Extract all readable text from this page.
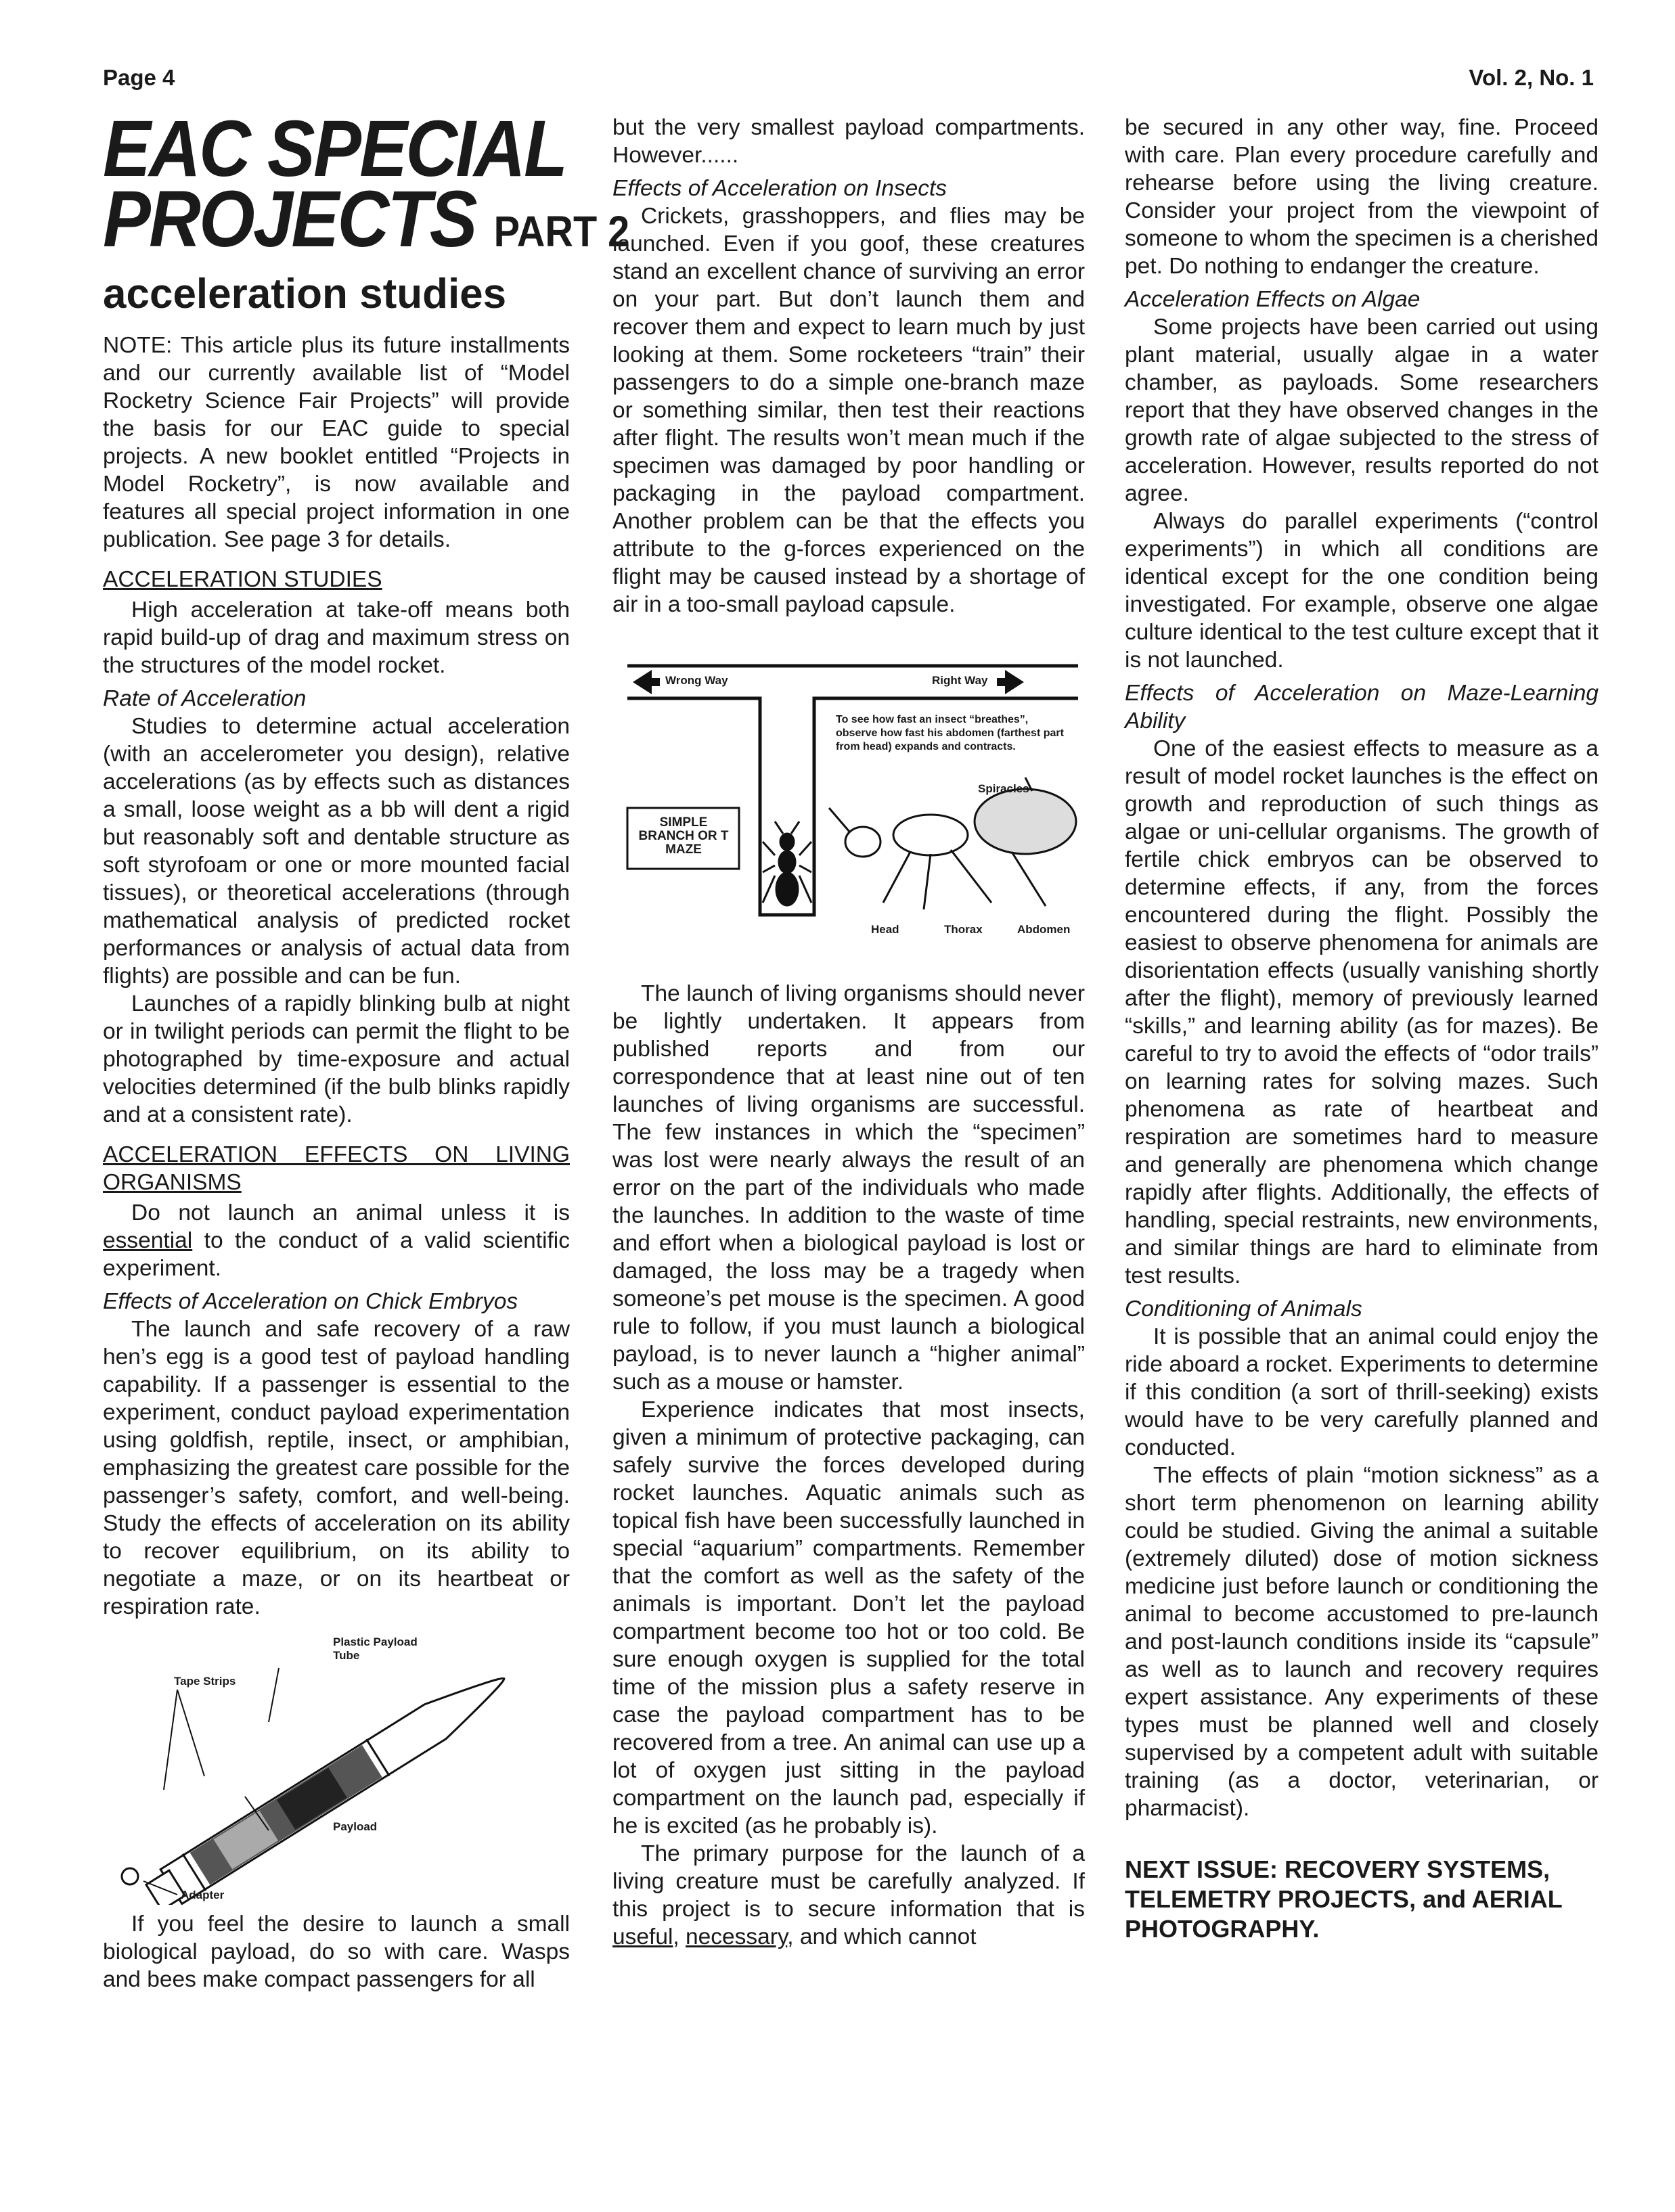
Page 4	Vol. 2, No. 1
EAC SPECIAL
PROJECTS PART 2
acceleration studies

NOTE: This article plus its future installments and our currently available list of “Model Rocketry Science Fair Projects” will provide the basis for our EAC guide to special projects. A new booklet entitled “Projects in Model Rocketry”, is now available and features all special project information in one publication. See page 3 for details.

ACCELERATION STUDIES

High acceleration at take-off means both rapid build-up of drag and maximum stress on the structures of the model rocket.

Rate of Acceleration

Studies to determine actual acceleration (with an accelerometer you design), relative accelerations (as by effects such as distances a small, loose weight as a bb will dent a rigid but reasonably soft and dentable structure as soft styrofoam or one or more mounted facial tissues), or theoretical accelerations (through mathematical analysis of predicted rocket performances or analysis of actual data from flights) are possible and can be fun.

Launches of a rapidly blinking bulb at night or in twilight periods can permit the flight to be photographed by time-exposure and actual velocities determined (if the bulb blinks rapidly and at a consistent rate).

ACCELERATION EFFECTS ON LIVING ORGANISMS

Do not launch an animal unless it is essential to the conduct of a valid scientific experiment.

Effects of Acceleration on Chick Embryos

The launch and safe recovery of a raw hen’s egg is a good test of payload handling capability. If a passenger is essential to the experiment, conduct payload experimentation using goldfish, reptile, insect, or amphibian, emphasizing the greatest care possible for the passenger’s safety, comfort, and well-being. Study the effects of acceleration on its ability to recover equilibrium, on its ability to negotiate a maze, or on its heartbeat or respiration rate.

Plastic Payload Tube
Tape Strips
Payload
Adapter

If you feel the desire to launch a small biological payload, do so with care. Wasps and bees make compact passengers for all

but the very smallest payload compartments. However......

Effects of Acceleration on Insects

Crickets, grasshoppers, and flies may be launched. Even if you goof, these creatures stand an excellent chance of surviving an error on your part. But don’t launch them and recover them and expect to learn much by just looking at them. Some rocketeers “train” their passengers to do a simple one-branch maze or something similar, then test their reactions after flight. The results won’t mean much if the specimen was damaged by poor handling or packaging in the payload compartment. Another problem can be that the effects you attribute to the g-forces experienced on the flight may be caused instead by a shortage of air in a too-small payload capsule.

Wrong Way	Right Way
To see how fast an insect “breathes”, observe how fast his abdomen (farthest part from head) expands and contracts.
Spiracles
SIMPLE BRANCH OR T MAZE
Head	Thorax	Abdomen

The launch of living organisms should never be lightly undertaken. It appears from published reports and from our correspondence that at least nine out of ten launches of living organisms are successful. The few instances in which the “specimen” was lost were nearly always the result of an error on the part of the individuals who made the launches. In addition to the waste of time and effort when a biological payload is lost or damaged, the loss may be a tragedy when someone’s pet mouse is the specimen. A good rule to follow, if you must launch a biological payload, is to never launch a “higher animal” such as a mouse or hamster.

Experience indicates that most insects, given a minimum of protective packaging, can safely survive the forces developed during rocket launches. Aquatic animals such as topical fish have been successfully launched in special “aquarium” compartments. Remember that the comfort as well as the safety of the animals is important. Don’t let the payload compartment become too hot or too cold. Be sure enough oxygen is supplied for the total time of the mission plus a safety reserve in case the payload compartment has to be recovered from a tree. An animal can use up a lot of oxygen just sitting in the payload compartment on the launch pad, especially if he is excited (as he probably is).

The primary purpose for the launch of a living creature must be carefully analyzed. If this project is to secure information that is useful, necessary, and which cannot

be secured in any other way, fine. Proceed with care. Plan every procedure carefully and rehearse before using the living creature. Consider your project from the viewpoint of someone to whom the specimen is a cherished pet. Do nothing to endanger the creature.

Acceleration Effects on Algae

Some projects have been carried out using plant material, usually algae in a water chamber, as payloads. Some researchers report that they have observed changes in the growth rate of algae subjected to the stress of acceleration. However, results reported do not agree.

Always do parallel experiments (“control experiments”) in which all conditions are identical except for the one condition being investigated. For example, observe one algae culture identical to the test culture except that it is not launched.

Effects of Acceleration on Maze-Learning Ability

One of the easiest effects to measure as a result of model rocket launches is the effect on growth and reproduction of such things as algae or uni-cellular organisms. The growth of fertile chick embryos can be observed to determine effects, if any, from the forces encountered during the flight. Possibly the easiest to observe phenomena for animals are disorientation effects (usually vanishing shortly after the flight), memory of previously learned “skills,” and learning ability (as for mazes). Be careful to try to avoid the effects of “odor trails” on learning rates for solving mazes. Such phenomena as rate of heartbeat and respiration are sometimes hard to measure and generally are phenomena which change rapidly after flights. Additionally, the effects of handling, special restraints, new environments, and similar things are hard to eliminate from test results.

Conditioning of Animals

It is possible that an animal could enjoy the ride aboard a rocket. Experiments to determine if this condition (a sort of thrill-seeking) exists would have to be very carefully planned and conducted.

The effects of plain “motion sickness” as a short term phenomenon on learning ability could be studied. Giving the animal a suitable (extremely diluted) dose of motion sickness medicine just before launch or conditioning the animal to become accustomed to pre-launch and post-launch conditions inside its “capsule” as well as to launch and recovery requires expert assistance. Any experiments of these types must be planned well and closely supervised by a competent adult with suitable training (as a doctor, veterinarian, or pharmacist).

NEXT ISSUE: RECOVERY SYSTEMS, TELEMETRY PROJECTS, and AERIAL PHOTOGRAPHY.
